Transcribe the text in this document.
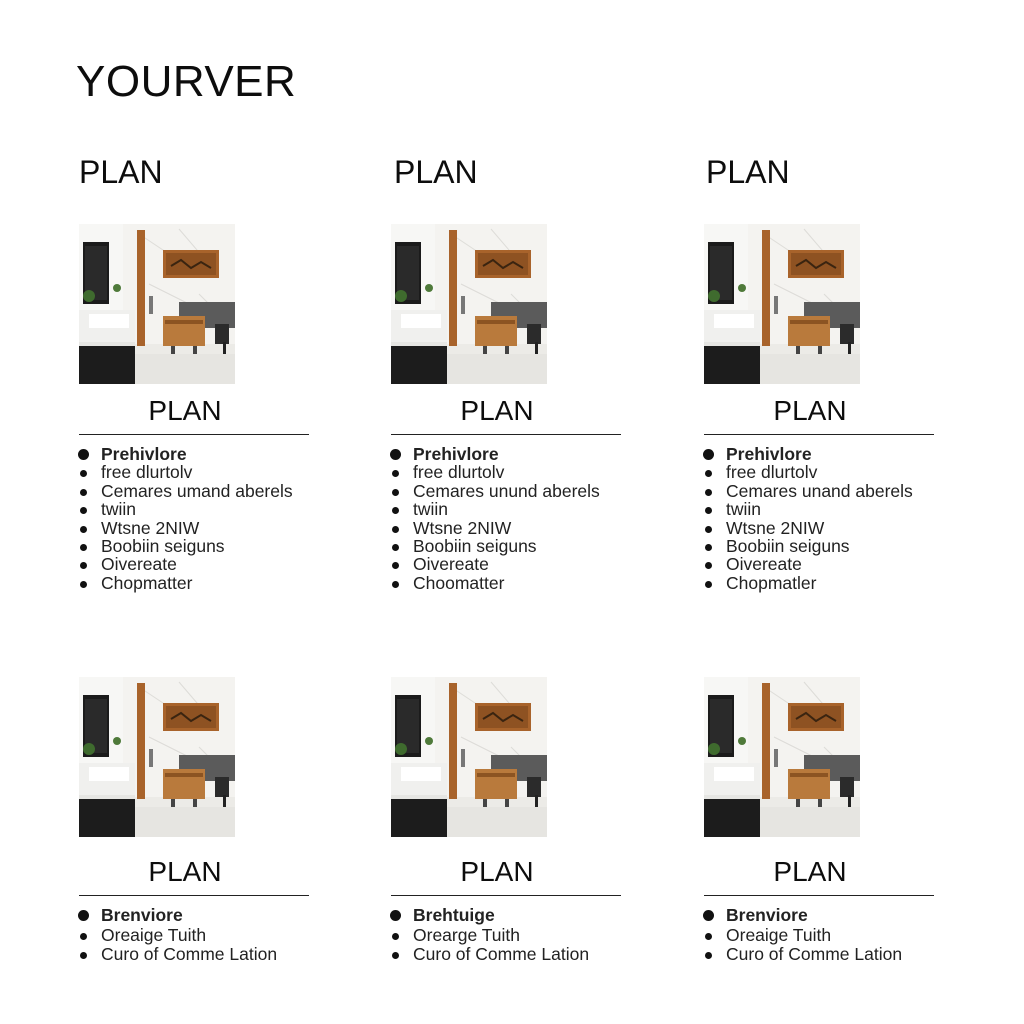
YOURVER
PLAN	PLAN	PLAN
PLAN
Prehivlore
free dlurtolv
Cemares umand aberels
twiin
Wtsne 2NIW
Boobiin seiguns
Oivereate
Chopmatter
PLAN
Prehivlore
free dlurtolv
Cemares unund aberels
twiin
Wtsne 2NIW
Boobiin seiguns
Oivereate
Choomatter
PLAN
Prehivlore
free dlurtolv
Cemares unand aberels
twiin
Wtsne 2NIW
Boobiin seiguns
Oivereate
Chopmatler
PLAN
Brenviore
Oreaige Tuith
Curo of Comme Lation
PLAN
Brehtuige
Orearge Tuith
Curo of Comme Lation
PLAN
Brenviore
Oreaige Tuith
Curo of Comme Lation
